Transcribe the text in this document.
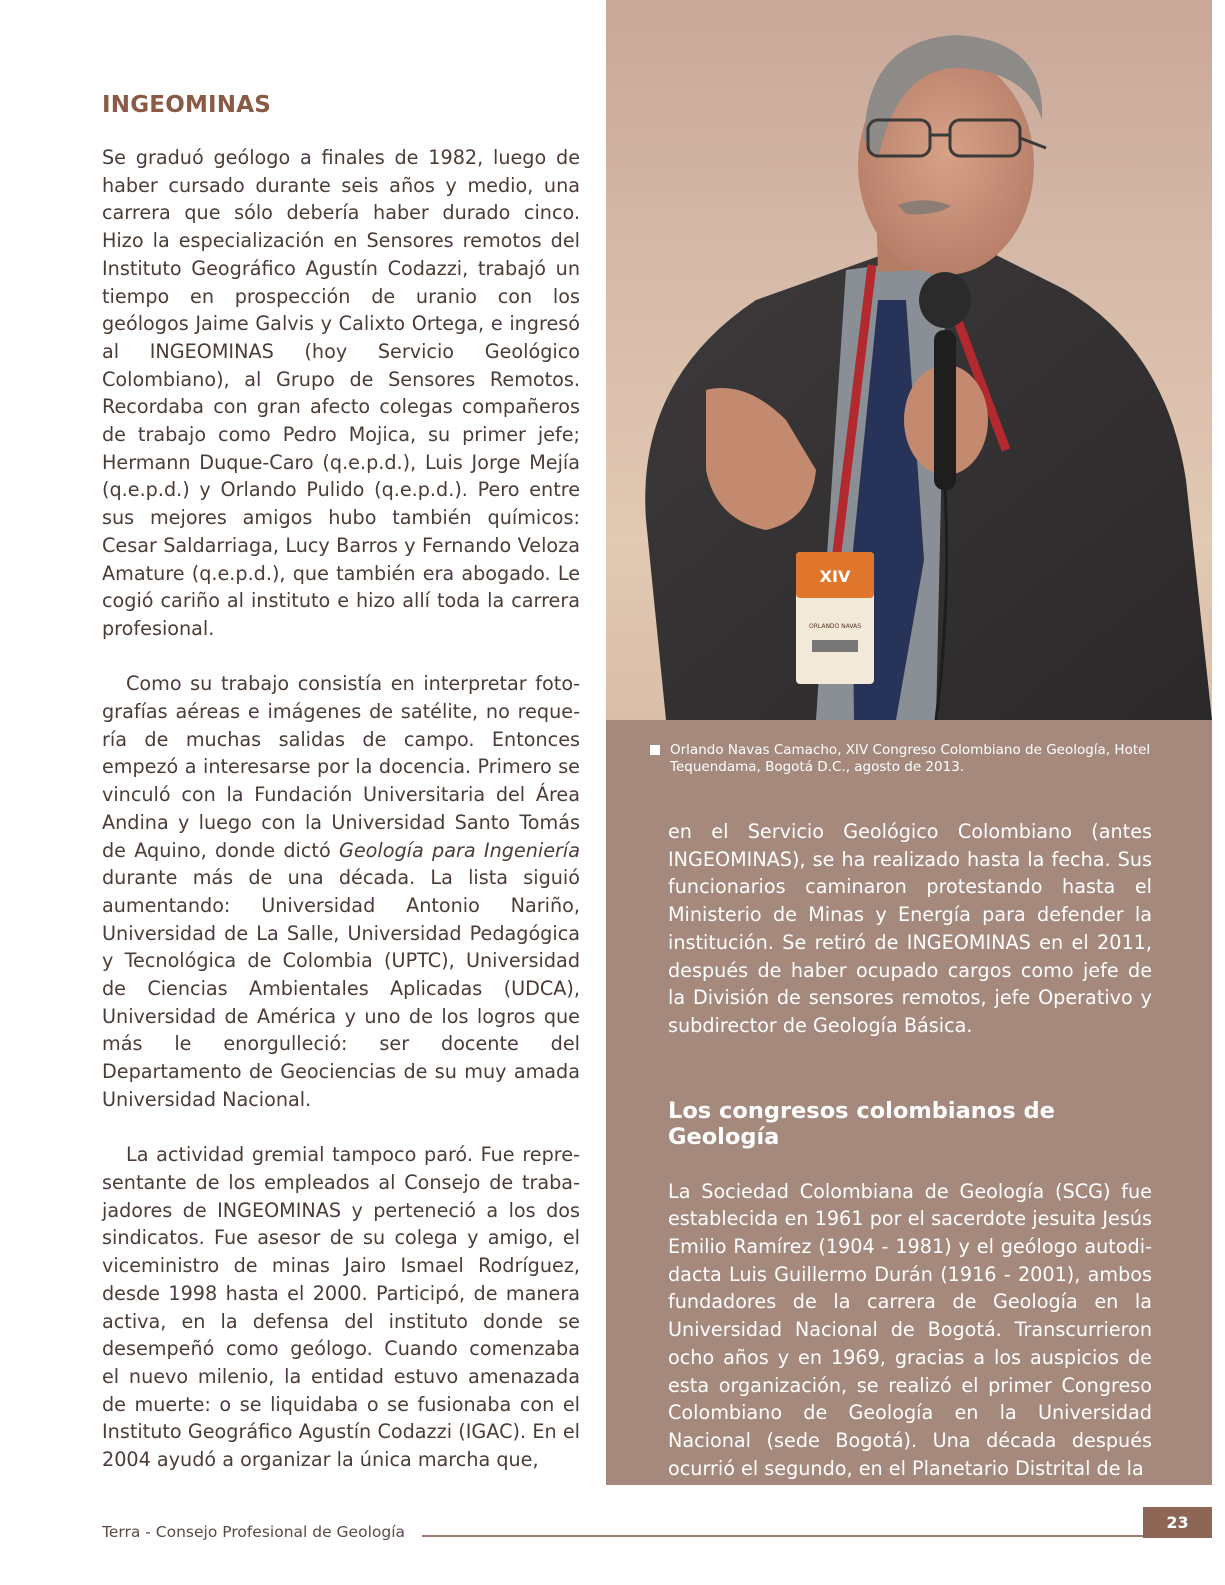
INGEOMINAS

Se graduó geólogo a finales de 1982, luego de haber cursado durante seis años y medio, una carrera que sólo debería haber durado cinco. Hizo la especialización en Sensores remotos del Instituto Geográfico Agustín Codazzi, trabajó un tiempo en prospección de uranio con los geólogos Jaime Galvis y Calixto Ortega, e ingresó al INGEOMINAS (hoy Servicio Geológico Colombiano), al Grupo de Sensores Remotos. Recordaba con gran afecto colegas compañeros de trabajo como Pedro Mojica, su primer jefe; Hermann Duque-Caro (q.e.p.d.), Luis Jorge Mejía (q.e.p.d.) y Orlando Pulido (q.e.p.d.). Pero entre sus mejores amigos hubo también químicos: Cesar Saldarriaga, Lucy Barros y Fernando Veloza Amature (q.e.p.d.), que también era abogado. Le cogió cariño al instituto e hizo allí toda la carrera profesional.

Como su trabajo consistía en interpretar fotografías aéreas e imágenes de satélite, no requería de muchas salidas de campo. Entonces empezó a interesarse por la docencia. Primero se vinculó con la Fundación Universitaria del Área Andina y luego con la Universidad Santo Tomás de Aquino, donde dictó Geología para Ingeniería durante más de una década. La lista siguió aumentando: Universidad Antonio Nariño, Universidad de La Salle, Universidad Pedagógica y Tecnológica de Colombia (UPTC), Universidad de Ciencias Ambientales Aplicadas (UDCA), Universidad de América y uno de los logros que más le enorgulleció: ser docente del Departamento de Geociencias de su muy amada Universidad Nacional.

La actividad gremial tampoco paró. Fue representante de los empleados al Consejo de trabajadores de INGEOMINAS y perteneció a los dos sindicatos. Fue asesor de su colega y amigo, el viceministro de minas Jairo Ismael Rodríguez, desde 1998 hasta el 2000. Participó, de manera activa, en la defensa del instituto donde se desempeñó como geólogo. Cuando comenzaba el nuevo milenio, la entidad estuvo amenazada de muerte: o se liquidaba o se fusionaba con el Instituto Geográfico Agustín Codazzi (IGAC). En el 2004 ayudó a organizar la única marcha que,

XIV
ORLANDO NAVAS
Orlando Navas Camacho, XIV Congreso Colombiano de Geología, Hotel Tequendama, Bogotá D.C., agosto de 2013.

en el Servicio Geológico Colombiano (antes INGEOMINAS), se ha realizado hasta la fecha. Sus funcionarios caminaron protestando hasta el Ministerio de Minas y Energía para defender la institución. Se retiró de INGEOMINAS en el 2011, después de haber ocupado cargos como jefe de la División de sensores remotos, jefe Operativo y subdirector de Geología Básica.

Los congresos colombianos de Geología

La Sociedad Colombiana de Geología (SCG) fue establecida en 1961 por el sacerdote jesuita Jesús Emilio Ramírez (1904 - 1981) y el geólogo autodidacta Luis Guillermo Durán (1916 - 2001), ambos fundadores de la carrera de Geología en la Universidad Nacional de Bogotá. Transcurrieron ocho años y en 1969, gracias a los auspicios de esta organización, se realizó el primer Congreso Colombiano de Geología en la Universidad Nacional (sede Bogotá). Una década después ocurrió el segundo, en el Planetario Distrital de la

Terra - Consejo Profesional de Geología	23
